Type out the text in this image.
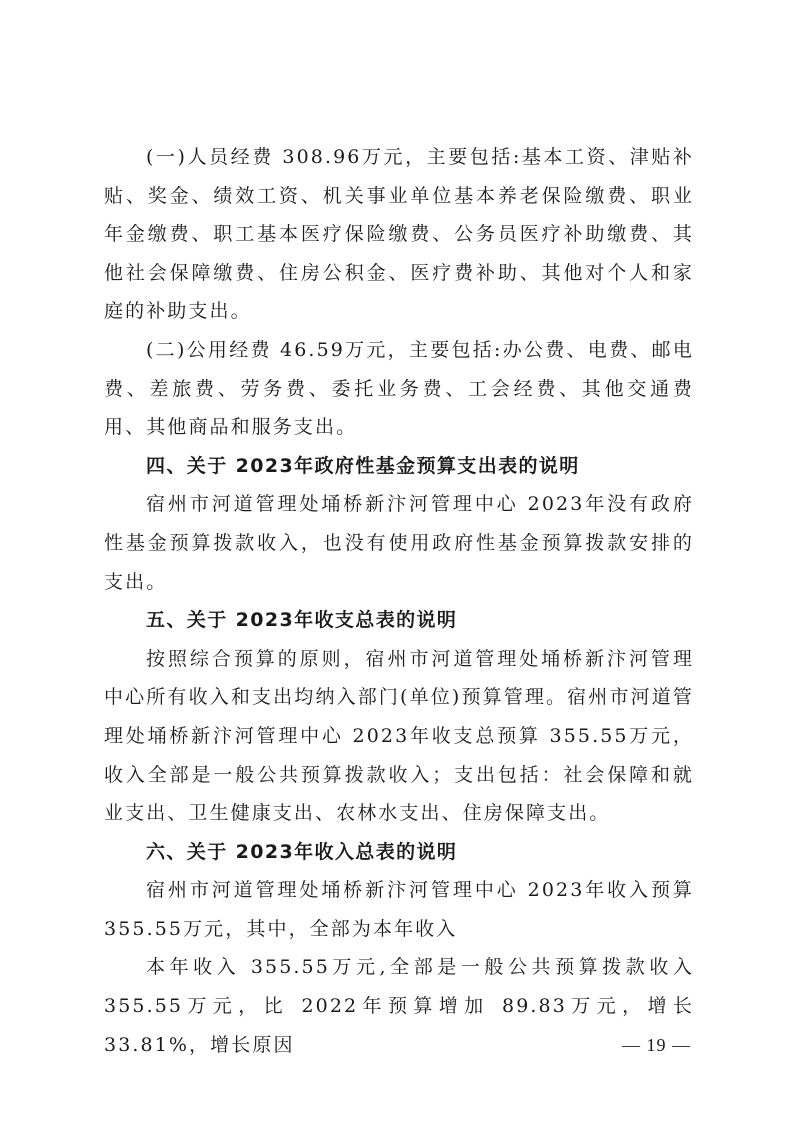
(一)人员经费 308.96万元，主要包括:基本工资、津贴补贴、奖金、绩效工资、机关事业单位基本养老保险缴费、职业年金缴费、职工基本医疗保险缴费、公务员医疗补助缴费、其他社会保障缴费、住房公积金、医疗费补助、其他对个人和家庭的补助支出。

(二)公用经费 46.59万元，主要包括:办公费、电费、邮电费、差旅费、劳务费、委托业务费、工会经费、其他交通费用、其他商品和服务支出。

四、关于 2023年政府性基金预算支出表的说明

宿州市河道管理处埇桥新汴河管理中心 2023年没有政府性基金预算拨款收入，也没有使用政府性基金预算拨款安排的支出。

五、关于 2023年收支总表的说明

按照综合预算的原则，宿州市河道管理处埇桥新汴河管理中心所有收入和支出均纳入部门(单位)预算管理。宿州市河道管理处埇桥新汴河管理中心 2023年收支总预算 355.55万元，收入全部是一般公共预算拨款收入；支出包括：社会保障和就业支出、卫生健康支出、农林水支出、住房保障支出。

六、关于 2023年收入总表的说明

宿州市河道管理处埇桥新汴河管理中心 2023年收入预算 355.55万元，其中，全部为本年收入

本年收入 355.55万元,全部是一般公共预算拨款收入 355.55万元，比 2022年预算增加 89.83万元，增长 33.81%，增长原因	— 19 —
